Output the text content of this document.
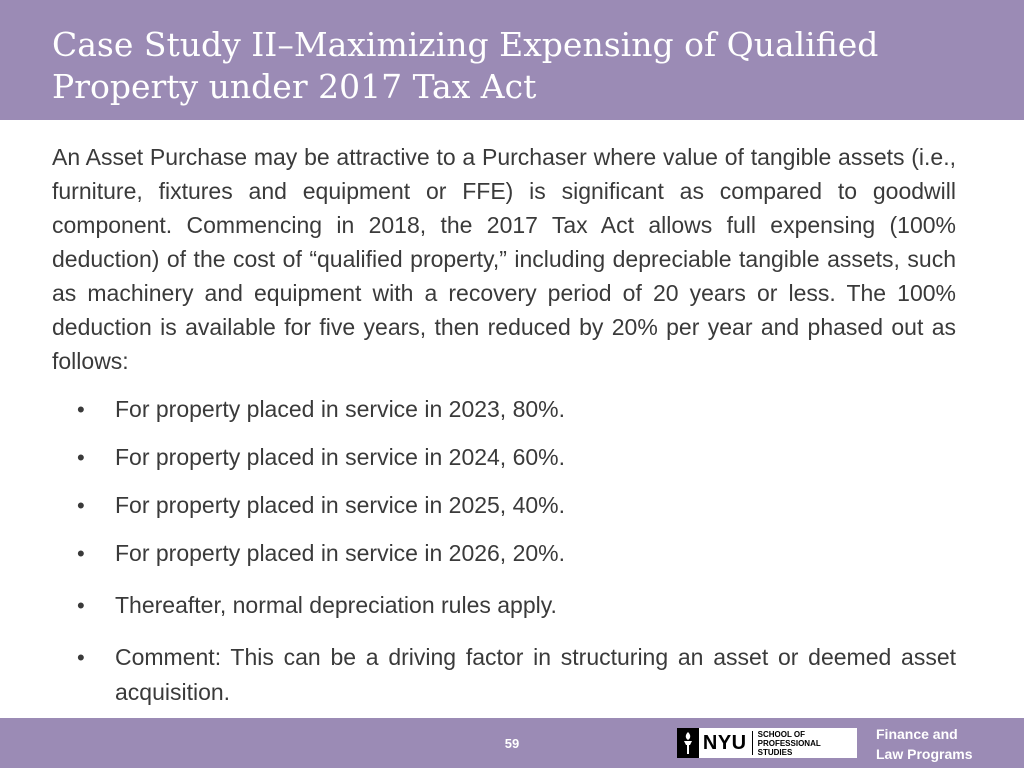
Case Study II–Maximizing Expensing of Qualified Property under 2017 Tax Act

An Asset Purchase may be attractive to a Purchaser where value of tangible assets (i.e., furniture, fixtures and equipment or FFE) is significant as compared to goodwill component. Commencing in 2018, the 2017 Tax Act allows full expensing (100% deduction) of the cost of “qualified property,” including depreciable tangible assets, such as machinery and equipment with a recovery period of 20 years or less. The 100% deduction is available for five years, then reduced by 20% per year and phased out as follows:

• For property placed in service in 2023, 80%.
• For property placed in service in 2024, 60%.
• For property placed in service in 2025, 40%.
• For property placed in service in 2026, 20%.
• Thereafter, normal depreciation rules apply.
• Comment: This can be a driving factor in structuring an asset or deemed asset acquisition.
59	NYU	SCHOOL OF
PROFESSIONAL STUDIES
Finance and
Law Programs
